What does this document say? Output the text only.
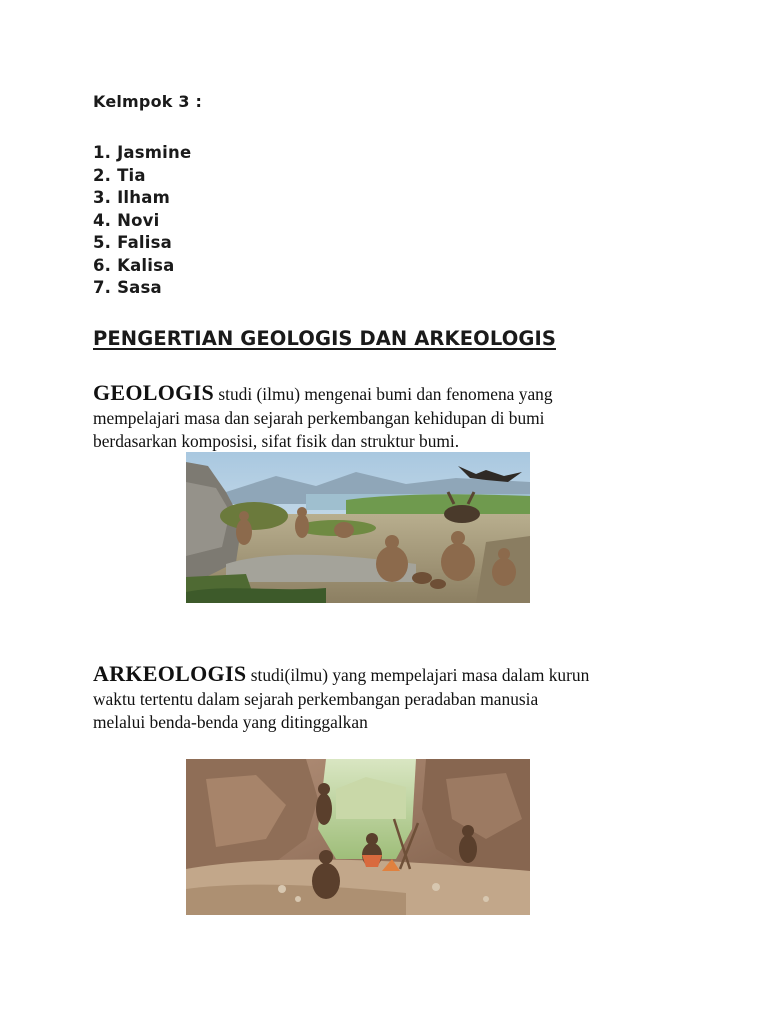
Kelmpok 3 :
1. Jasmine
2. Tia
3. Ilham
4. Novi
5. Falisa
6. Kalisa
7. Sasa
PENGERTIAN GEOLOGIS DAN ARKEOLOGIS
GEOLOGIS studi (ilmu) mengenai bumi dan fenomena yang
mempelajari masa dan sejarah perkembangan kehidupan di bumi
berdasarkan komposisi, sifat fisik dan struktur bumi.
ARKEOLOGIS studi(ilmu) yang mempelajari masa dalam kurun
waktu tertentu dalam sejarah perkembangan peradaban manusia
melalui benda-benda yang ditinggalkan
